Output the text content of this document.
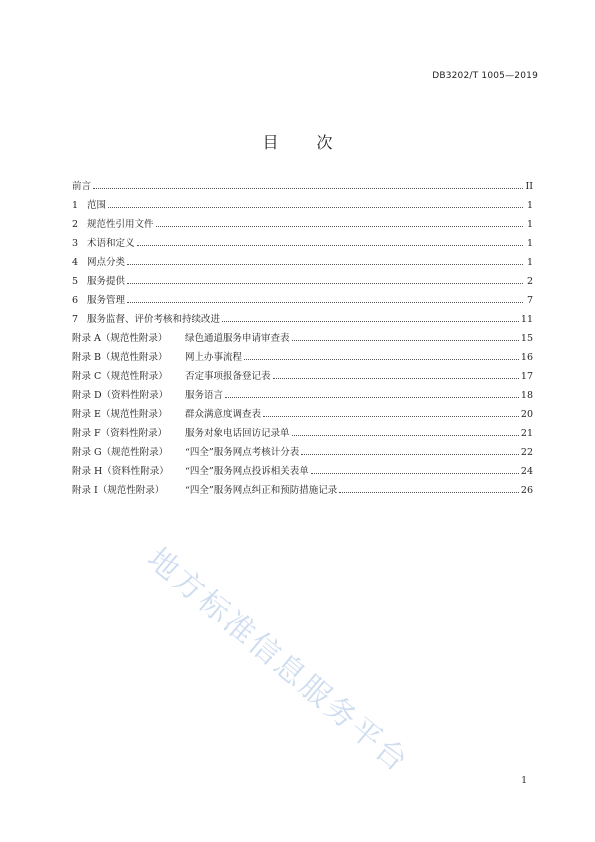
DB3202/T 1005—2019
目 次
前言	II
1 范围	1
2 规范性引用文件	1
3 术语和定义	1
4 网点分类	1
5 服务提供	2
6 服务管理	7
7 服务监督、评价考核和持续改进	11
附录 A（规范性附录）	绿色通道服务申请审查表	15
附录 B（规范性附录）	网上办事流程	16
附录 C（规范性附录）	否定事项报备登记表	17
附录 D（资料性附录）	服务语言	18
附录 E（规范性附录）	群众满意度调查表	20
附录 F（资料性附录）	服务对象电话回访记录单	21
附录 G（规范性附录）	“四全”服务网点考核计分表	22
附录 H（资料性附录）	“四全”服务网点投诉相关表单	24
附录 I（规范性附录）	“四全”服务网点纠正和预防措施记录	26
地方标准信息服务平台
1
